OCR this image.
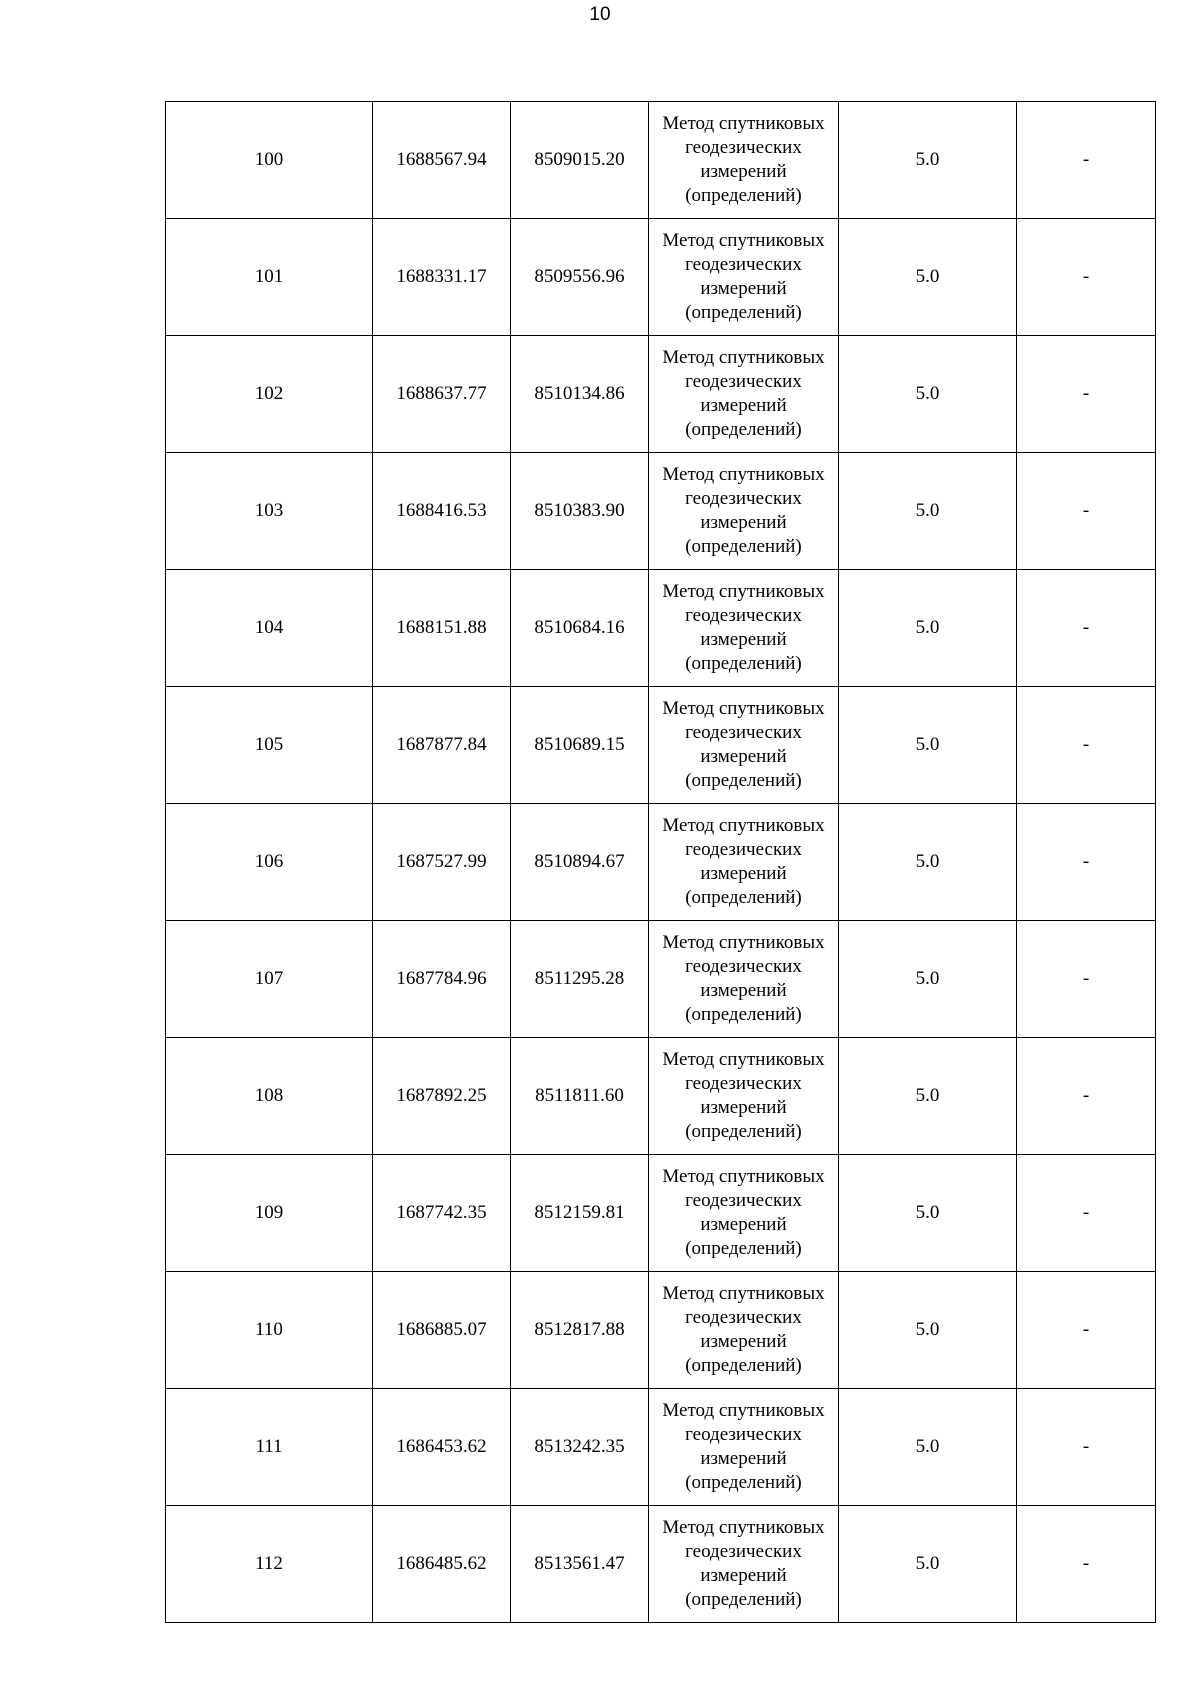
10
100	1688567.94	8509015.20	Метод спутниковых геодезических измерений (определений)	5.0	-
101	1688331.17	8509556.96	Метод спутниковых геодезических измерений (определений)	5.0	-
102	1688637.77	8510134.86	Метод спутниковых геодезических измерений (определений)	5.0	-
103	1688416.53	8510383.90	Метод спутниковых геодезических измерений (определений)	5.0	-
104	1688151.88	8510684.16	Метод спутниковых геодезических измерений (определений)	5.0	-
105	1687877.84	8510689.15	Метод спутниковых геодезических измерений (определений)	5.0	-
106	1687527.99	8510894.67	Метод спутниковых геодезических измерений (определений)	5.0	-
107	1687784.96	8511295.28	Метод спутниковых геодезических измерений (определений)	5.0	-
108	1687892.25	8511811.60	Метод спутниковых геодезических измерений (определений)	5.0	-
109	1687742.35	8512159.81	Метод спутниковых геодезических измерений (определений)	5.0	-
110	1686885.07	8512817.88	Метод спутниковых геодезических измерений (определений)	5.0	-
111	1686453.62	8513242.35	Метод спутниковых геодезических измерений (определений)	5.0	-
112	1686485.62	8513561.47	Метод спутниковых геодезических измерений (определений)	5.0	-
